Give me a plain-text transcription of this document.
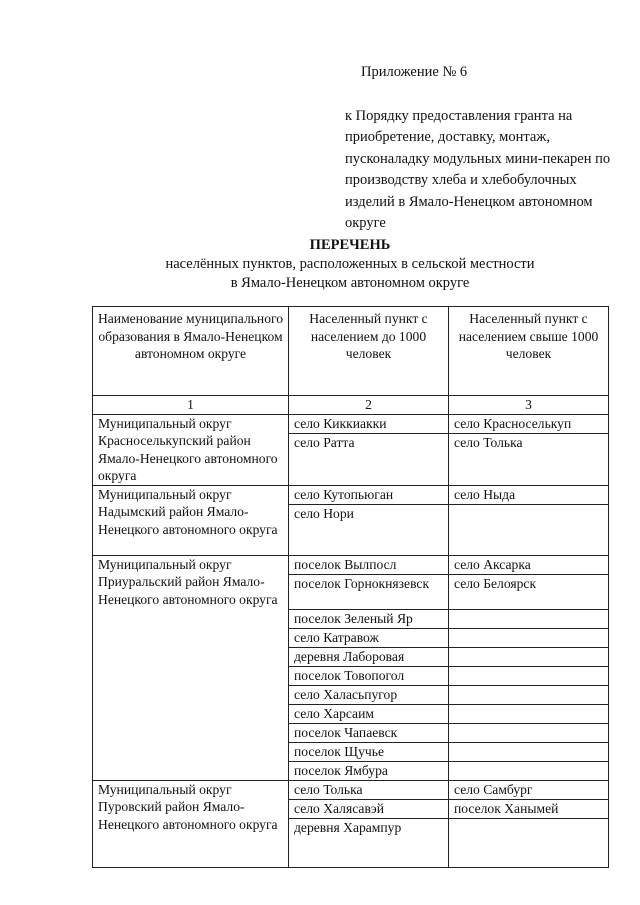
Приложение № 6

к Порядку предоставления гранта на приобретение, доставку, монтаж, пусконаладку модульных мини-пекарен по производству хлеба и хлебобулочных изделий в Ямало-Ненецком автономном округе

ПЕРЕЧЕНЬ

населённых пунктов, расположенных в сельской местности

в Ямало-Ненецком автономном округе

Наименование муниципального образования в Ямало-Ненецком автономном округе	Населенный пункт с населением до 1000 человек	Населенный пункт с населением свыше 1000 человек
1	2	3
Муниципальный округ Красноселькупский район Ямало-Ненецкого автономного округа	село Киккиакки	село Красноселькуп
	село Ратта	село Толька
Муниципальный округ Надымский район Ямало-Ненецкого автономного округа	село Кутопьюган	село Ныда
	село Нори	
Муниципальный округ Приуральский район Ямало-Ненецкого автономного округа	поселок Вылпосл	село Аксарка
	поселок Горнокнязевск	село Белоярск
	поселок Зеленый Яр	
	село Катравож	
	деревня Лаборовая	
	поселок Товопогол	
	село Халасьпугор	
	село Харсаим	
	поселок Чапаевск	
	поселок Щучье	
	поселок Ямбура	
Муниципальный округ Пуровский район Ямало-Ненецкого автономного округа	село Толька	село Самбург
	село Халясавэй	поселок Ханымей
	деревня Харампур	
